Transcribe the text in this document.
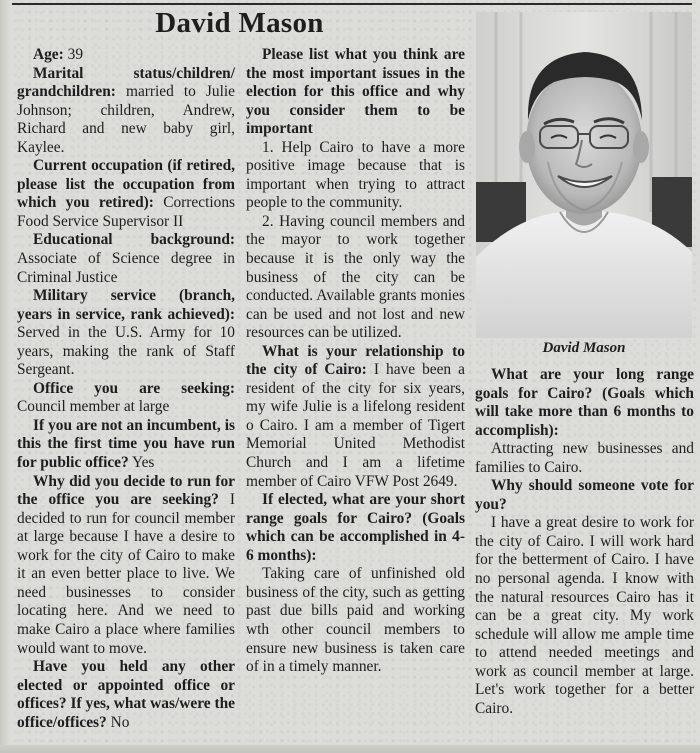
David Mason

Age: 39

Marital status/children/ grandchildren: married to Julie Johnson; children, Andrew, Richard and new baby girl, Kaylee.

Current occupation (if retired, please list the occupation from which you retired): Corrections Food Service Supervisor II

Educational background: Associate of Science degree in Criminal Justice

Military service (branch, years in service, rank achieved): Served in the U.S. Army for 10 years, making the rank of Staff Sergeant.

Office you are seeking: Council member at large

If you are not an incumbent, is this the first time you have run for public office? Yes

Why did you decide to run for the office you are seeking? I decided to run for council member at large because I have a desire to work for the city of Cairo to make it an even better place to live. We need businesses to consider locating here. And we need to make Cairo a place where families would want to move.

Have you held any other elected or appointed office or offices? If yes, what was/were the office/offices? No

Please list what you think are the most important issues in the election for this office and why you consider them to be important

1. Help Cairo to have a more positive image because that is important when trying to attract people to the community.

2. Having council members and the mayor to work together because it is the only way the business of the city can be conducted. Available grants monies can be used and not lost and new resources can be utilized.

What is your relationship to the city of Cairo: I have been a resident of the city for six years, my wife Julie is a lifelong resident o Cairo. I am a member of Tigert Memorial United Methodist Church and I am a lifetime member of Cairo VFW Post 2649.

If elected, what are your short range goals for Cairo? (Goals which can be accomplished in 4-6 months):

Taking care of unfinished old business of the city, such as getting past due bills paid and working wth other council members to ensure new business is taken care of in a timely manner.

David Mason

What are your long range goals for Cairo? (Goals which will take more than 6 months to accomplish):

Attracting new businesses and families to Cairo.

Why should someone vote for you?

I have a great desire to work for the city of Cairo. I will work hard for the betterment of Cairo. I have no personal agenda. I know with the natural resources Cairo has it can be a great city. My work schedule will allow me ample time to attend needed meetings and work as council member at large. Let's work together for a better Cairo.
